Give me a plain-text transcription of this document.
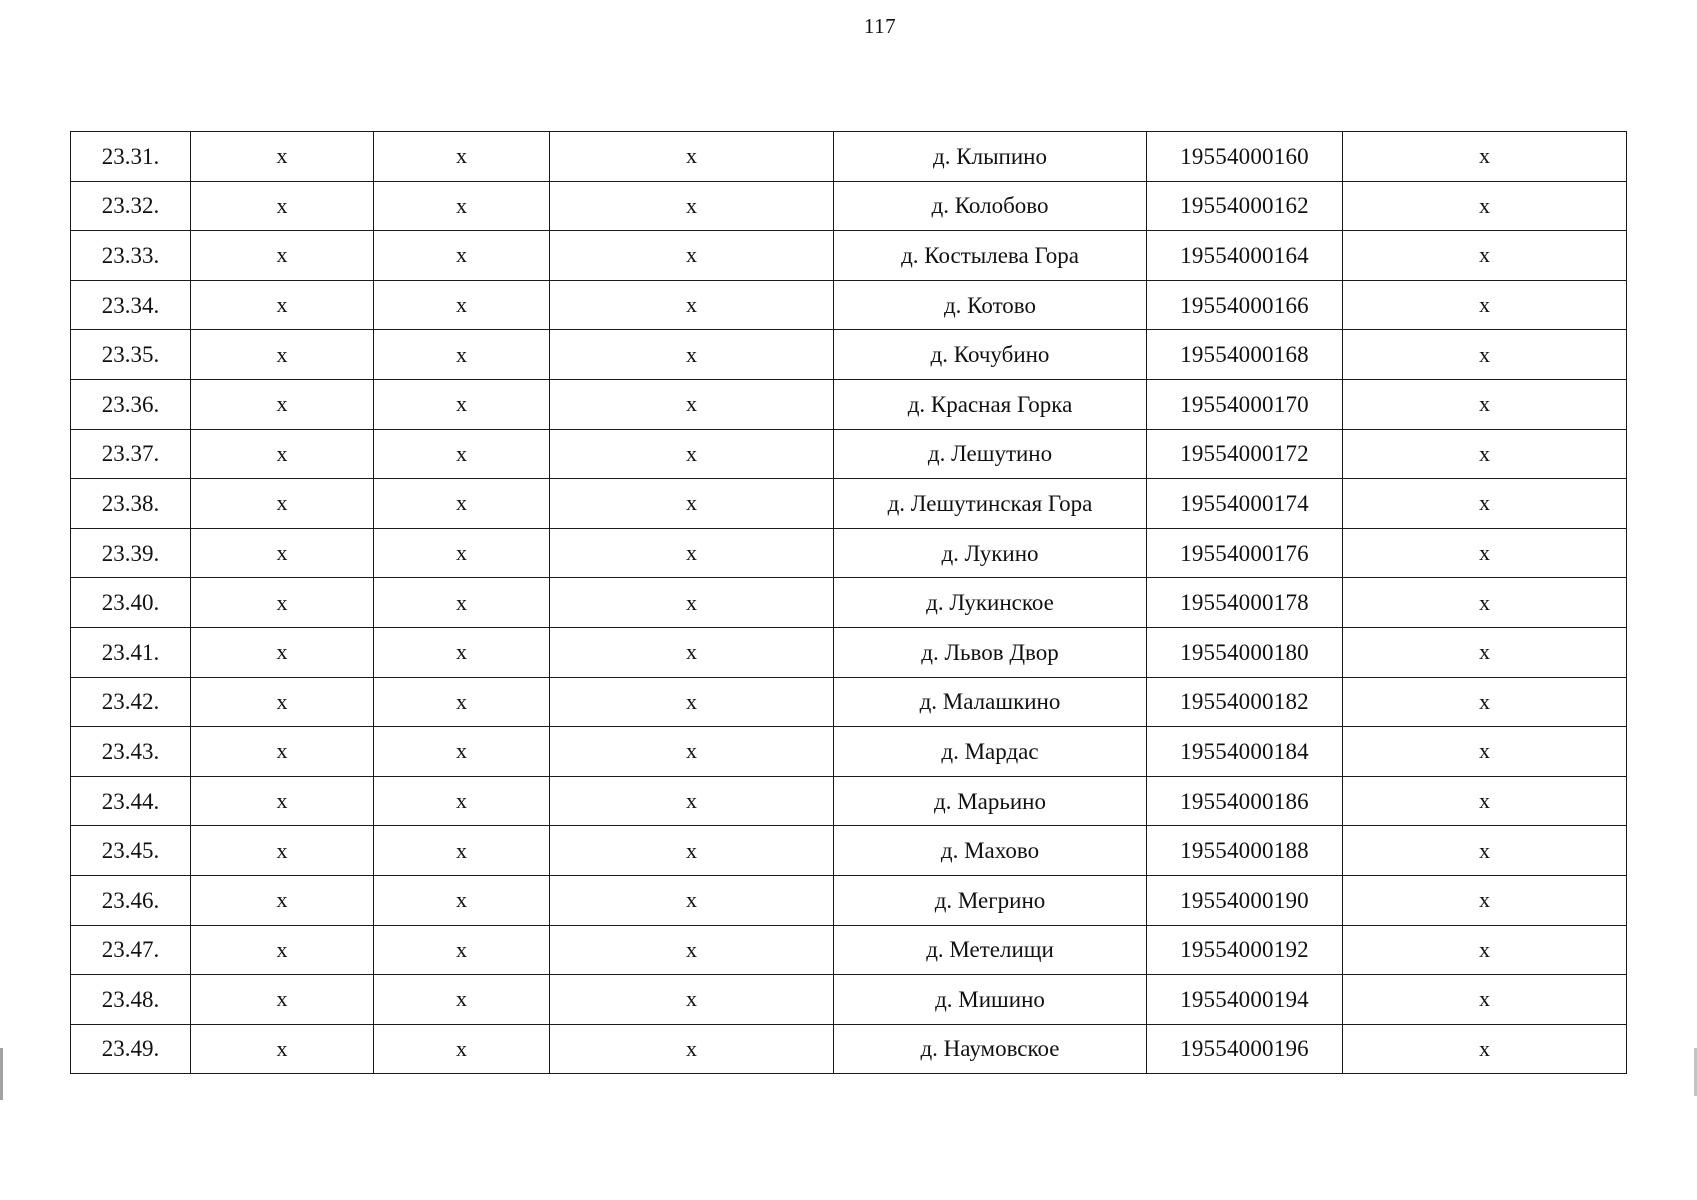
117
23.31.	x	x	x	д. Клыпино	19554000160	x
23.32.	x	x	x	д. Колобово	19554000162	x
23.33.	x	x	x	д. Костылева Гора	19554000164	x
23.34.	x	x	x	д. Котово	19554000166	x
23.35.	x	x	x	д. Кочубино	19554000168	x
23.36.	x	x	x	д. Красная Горка	19554000170	x
23.37.	x	x	x	д. Лешутино	19554000172	x
23.38.	x	x	x	д. Лешутинская Гора	19554000174	x
23.39.	x	x	x	д. Лукино	19554000176	x
23.40.	x	x	x	д. Лукинское	19554000178	x
23.41.	x	x	x	д. Львов Двор	19554000180	x
23.42.	x	x	x	д. Малашкино	19554000182	x
23.43.	x	x	x	д. Мардас	19554000184	x
23.44.	x	x	x	д. Марьино	19554000186	x
23.45.	x	x	x	д. Махово	19554000188	x
23.46.	x	x	x	д. Мегрино	19554000190	x
23.47.	x	x	x	д. Метелищи	19554000192	x
23.48.	x	x	x	д. Мишино	19554000194	x
23.49.	x	x	x	д. Наумовское	19554000196	x
